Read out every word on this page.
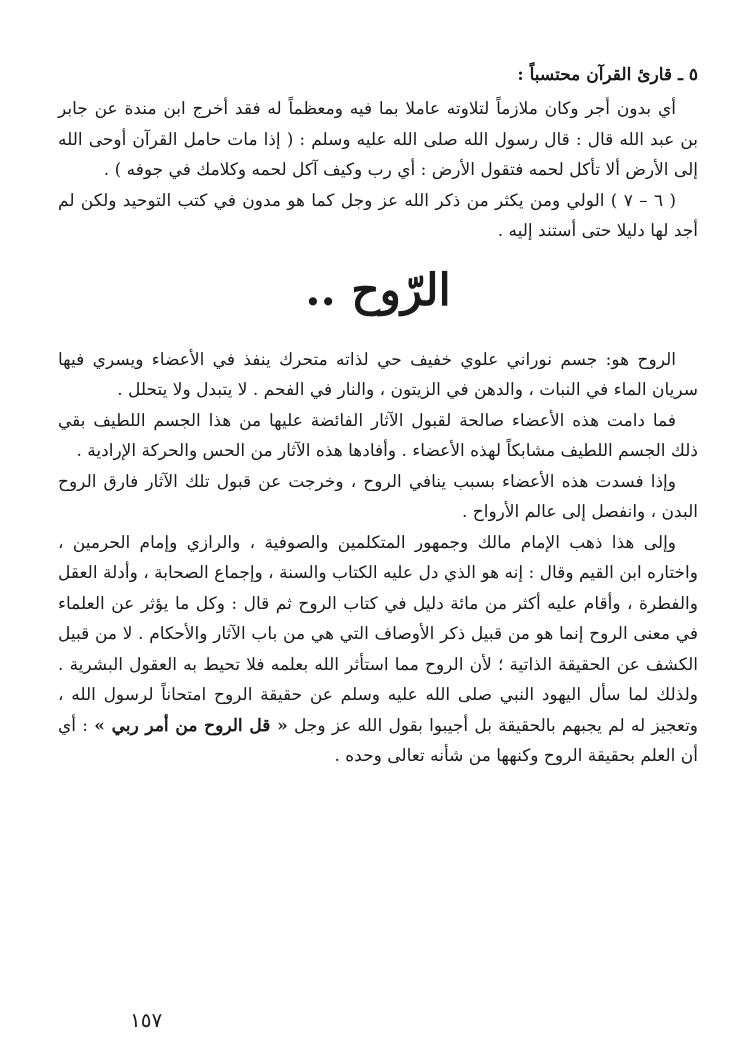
٥ ـ قارئ القرآن محتسباً :

أي بدون أجر وكان ملازماً لتلاوته عاملا بما فيه ومعظماً له فقد أخرج ابن مندة عن جابر بن عبد الله قال : قال رسول الله صلى الله عليه وسلم : ( إذا مات حامل القرآن أوحى الله إلى الأرض ألا تأكل لحمه فتقول الأرض : أي رب وكيف آكل لحمه وكلامك في جوفه ) .

( ٦ – ٧ ) الولي ومن يكثر من ذكر الله عز وجل كما هو مدون في كتب التوحيد ولكن لم أجد لها دليلا حتى أستند إليه .

الرّوح ..

الروح هو: جسم نوراني علوي خفيف حي لذاته متحرك ينفذ في الأعضاء ويسري فيها سريان الماء في النبات ، والدهن في الزيتون ، والنار في الفحم . لا يتبدل ولا يتحلل .

فما دامت هذه الأعضاء صالحة لقبول الآثار الفائضة عليها من هذا الجسم اللطيف بقي ذلك الجسم اللطيف مشابكاً لهذه الأعضاء . وأفادها هذه الآثار من الحس والحركة الإرادية .

وإذا فسدت هذه الأعضاء بسبب ينافي الروح ، وخرجت عن قبول تلك الآثار فارق الروح البدن ، وانفصل إلى عالم الأرواح .

وإلى هذا ذهب الإمام مالك وجمهور المتكلمين والصوفية ، والرازي وإمام الحرمين ، واختاره ابن القيم وقال : إنه هو الذي دل عليه الكتاب والسنة ، وإجماع الصحابة ، وأدلة العقل والفطرة ، وأقام عليه أكثر من مائة دليل في كتاب الروح ثم قال : وكل ما يؤثر عن العلماء في معنى الروح إنما هو من قبيل ذكر الأوصاف التي هي من باب الآثار والأحكام . لا من قبيل الكشف عن الحقيقة الذاتية ؛ لأن الروح مما استأثر الله بعلمه فلا تحيط به العقول البشرية . ولذلك لما سأل اليهود النبي صلى الله عليه وسلم عن حقيقة الروح امتحاناً لرسول الله ، وتعجيز له لم يجبهم بالحقيقة بل أجيبوا بقول الله عز وجل « قل الروح من أمر ربي » : أي أن العلم بحقيقة الروح وكنهها من شأنه تعالى وحده .

١٥٧
